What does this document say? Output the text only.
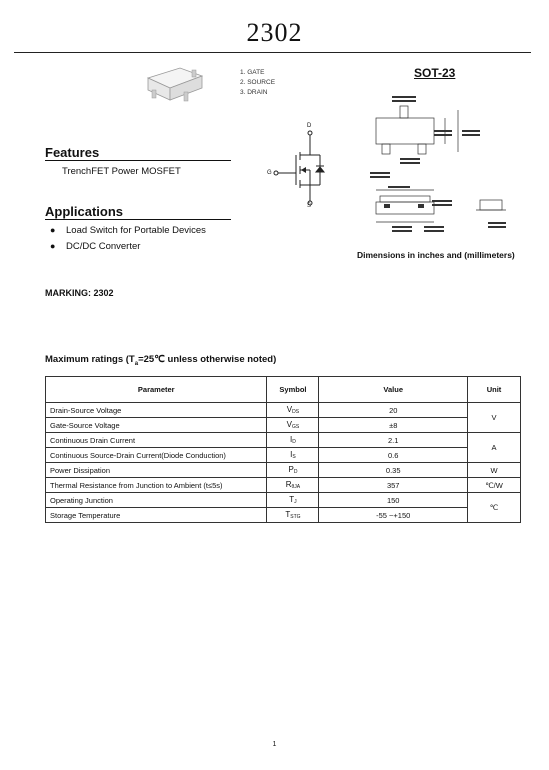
2302
1. GATE
2. SOURCE
3. DRAIN
SOT-23
Dimensions in inches and (millimeters)
D
G
S
Features
TrenchFET Power MOSFET
Applications
● Load Switch for Portable Devices
● DC/DC Converter
MARKING: 2302
Maximum ratings ($T_a=25℃$ unless otherwise noted)
Parameter	Symbol	Value	Unit
Drain-Source Voltage	VDS	20	V
Gate-Source Voltage	VGS	±8	
Continuous Drain Current	ID	2.1	A
Continuous Source-Drain Current(Diode Conduction)	IS	0.6	
Power Dissipation	PD	0.35	W
Thermal Resistance from Junction to Ambient (t≤5s)	RθJA	357	℃/W
Operating Junction	TJ	150	℃
Storage Temperature	TSTG	-55 ~+150	
1
